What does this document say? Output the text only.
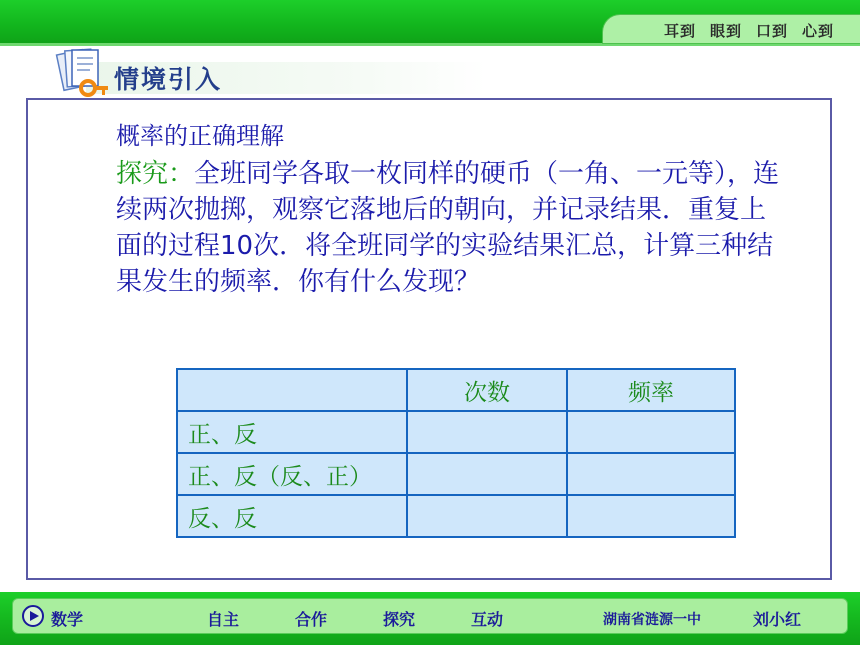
耳到 眼到 口到 心到
情境引入
概率的正确理解
探究：全班同学各取一枚同样的硬币（一角、一元等），连续两次抛掷，观察它落地后的朝向，并记录结果．重复上面的过程10次．将全班同学的实验结果汇总，计算三种结果发生的频率．你有什么发现？
	次数	频率
正、反		
正、反（反、正）		
反、反		
数学	自主	合作	探究	互动	湖南省涟源一中	刘小红
